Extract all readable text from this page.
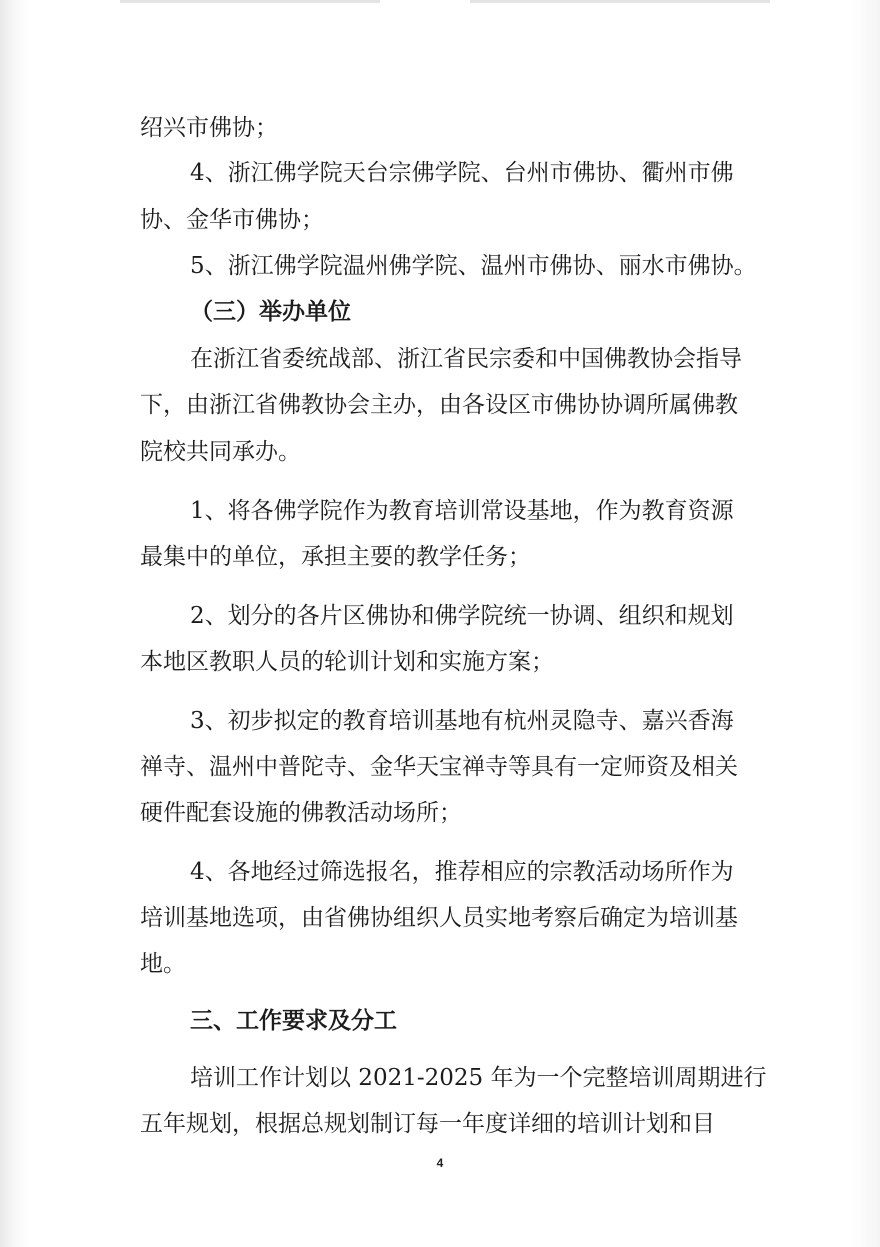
绍兴市佛协；
4、浙江佛学院天台宗佛学院、台州市佛协、衢州市佛
协、金华市佛协；
5、浙江佛学院温州佛学院、温州市佛协、丽水市佛协。
（三）举办单位
在浙江省委统战部、浙江省民宗委和中国佛教协会指导
下，由浙江省佛教协会主办，由各设区市佛协协调所属佛教
院校共同承办。
1、将各佛学院作为教育培训常设基地，作为教育资源
最集中的单位，承担主要的教学任务；
2、划分的各片区佛协和佛学院统一协调、组织和规划
本地区教职人员的轮训计划和实施方案；
3、初步拟定的教育培训基地有杭州灵隐寺、嘉兴香海
禅寺、温州中普陀寺、金华天宝禅寺等具有一定师资及相关
硬件配套设施的佛教活动场所；
4、各地经过筛选报名，推荐相应的宗教活动场所作为
培训基地选项，由省佛协组织人员实地考察后确定为培训基
地。
三、工作要求及分工
培训工作计划以 2021-2025 年为一个完整培训周期进行
五年规划，根据总规划制订每一年度详细的培训计划和目
4
